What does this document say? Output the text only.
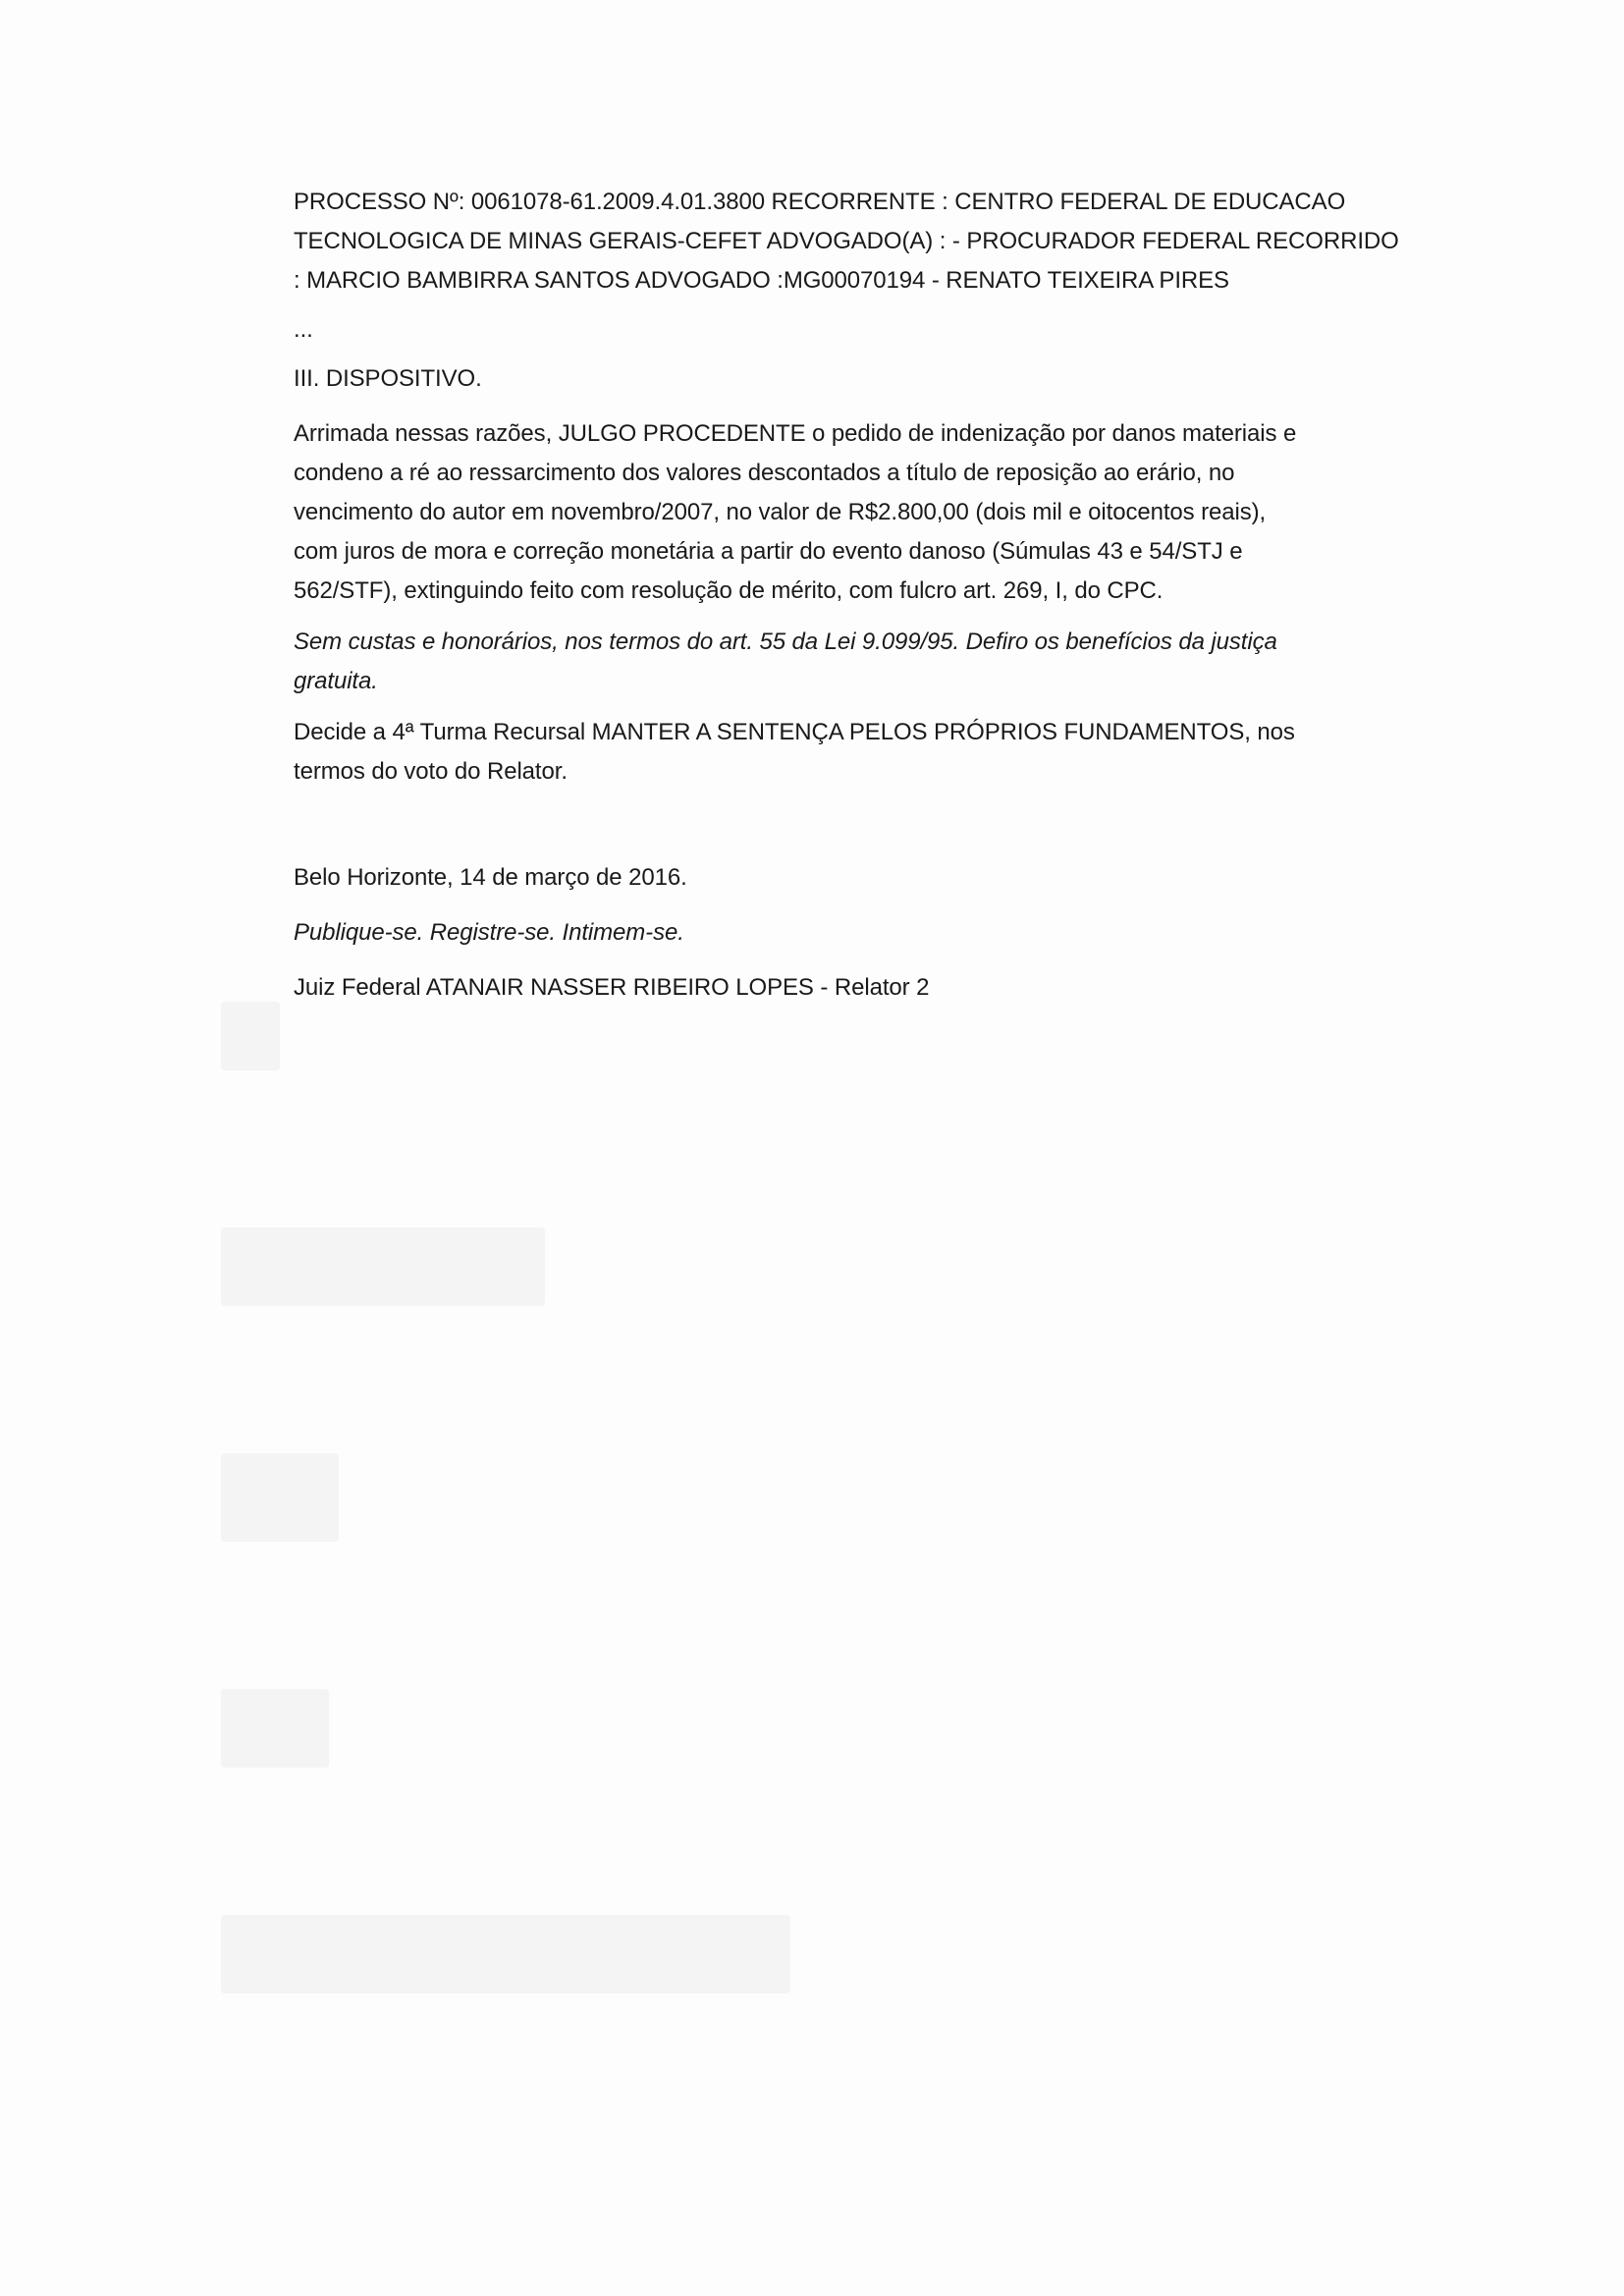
PROCESSO Nº: 0061078-61.2009.4.01.3800 RECORRENTE : CENTRO FEDERAL DE EDUCACAO
TECNOLOGICA DE MINAS GERAIS-CEFET ADVOGADO(A) : - PROCURADOR FEDERAL RECORRIDO
: MARCIO BAMBIRRA SANTOS ADVOGADO :MG00070194 - RENATO TEIXEIRA PIRES

...

III. DISPOSITIVO.

Arrimada nessas razões, JULGO PROCEDENTE o pedido de indenização por danos materiais e
condeno a ré ao ressarcimento dos valores descontados a título de reposição ao erário, no
vencimento do autor em novembro/2007, no valor de R$2.800,00 (dois mil e oitocentos reais),
com juros de mora e correção monetária a partir do evento danoso (Súmulas 43 e 54/STJ e
562/STF), extinguindo feito com resolução de mérito, com fulcro art. 269, I, do CPC.
Sem custas e honorários, nos termos do art. 55 da Lei 9.099/95. Defiro os benefícios da justiça
gratuita.
Decide a 4ª Turma Recursal MANTER A SENTENÇA PELOS PRÓPRIOS FUNDAMENTOS, nos
termos do voto do Relator.

Belo Horizonte, 14 de março de 2016.

Publique-se. Registre-se. Intimem-se.

Juiz Federal ATANAIR NASSER RIBEIRO LOPES - Relator 2
